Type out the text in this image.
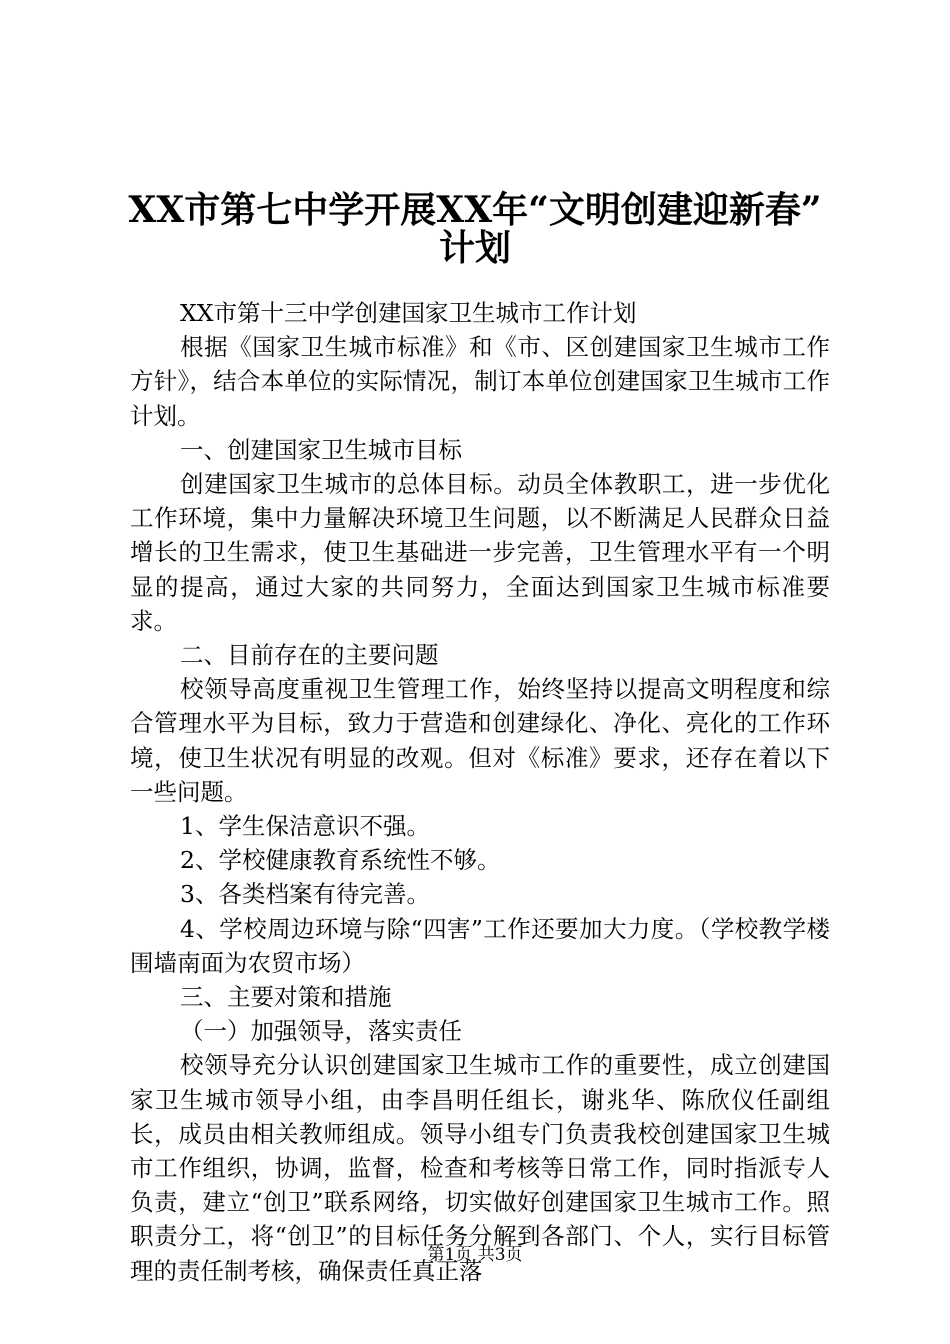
XX市第七中学开展XX年“文明创建迎新春”
计划

XX市第十三中学创建国家卫生城市工作计划

根据《国家卫生城市标准》和《市、区创建国家卫生城市工作方针》，结合本单位的实际情况，制订本单位创建国家卫生城市工作计划。

一、创建国家卫生城市目标

创建国家卫生城市的总体目标。动员全体教职工，进一步优化工作环境，集中力量解决环境卫生问题，以不断满足人民群众日益增长的卫生需求，使卫生基础进一步完善，卫生管理水平有一个明显的提高，通过大家的共同努力，全面达到国家卫生城市标准要求。

二、目前存在的主要问题

校领导高度重视卫生管理工作，始终坚持以提高文明程度和综合管理水平为目标，致力于营造和创建绿化、净化、亮化的工作环境，使卫生状况有明显的改观。但对《标准》要求，还存在着以下一些问题。

1、学生保洁意识不强。

2、学校健康教育系统性不够。

3、各类档案有待完善。

4、学校周边环境与除“四害”工作还要加大力度。（学校教学楼围墙南面为农贸市场）

三、主要对策和措施

（一）加强领导，落实责任

校领导充分认识创建国家卫生城市工作的重要性，成立创建国家卫生城市领导小组，由李昌明任组长，谢兆华、陈欣仪任副组长，成员由相关教师组成。领导小组专门负责我校创建国家卫生城市工作组织，协调，监督，检查和考核等日常工作，同时指派专人负责，建立“创卫”联系网络，切实做好创建国家卫生城市工作。照职责分工，将“创卫”的目标任务分解到各部门、个人，实行目标管理的责任制考核，确保责任真正落

第1页 共3页
